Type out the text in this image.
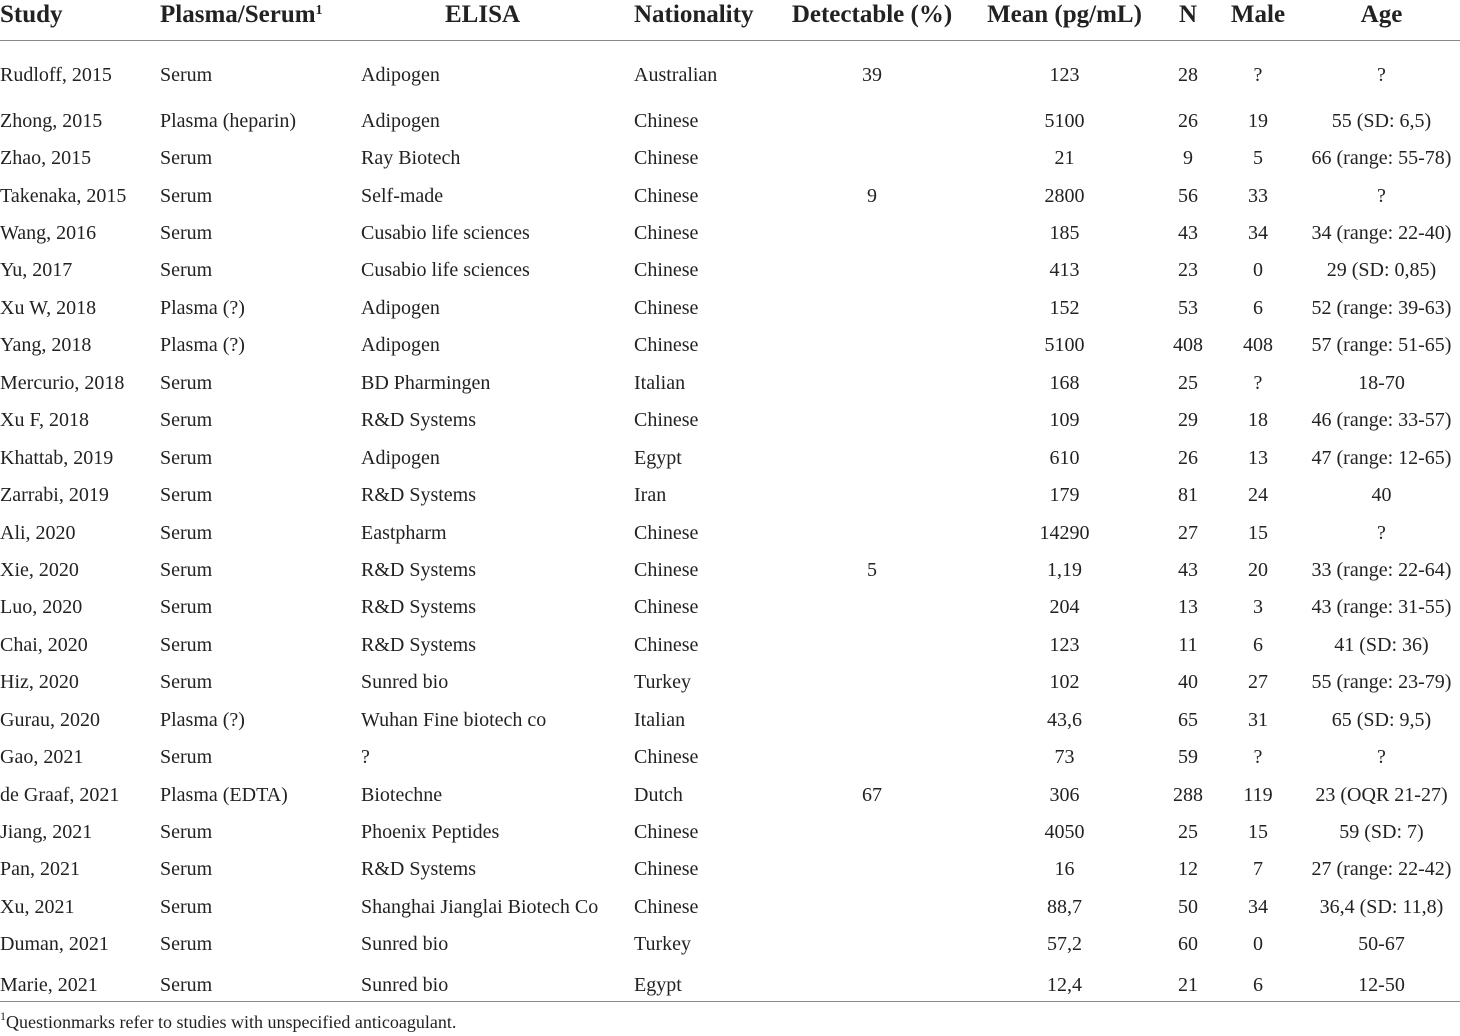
Study	Plasma/Serum$^1$	ELISA	Nationality	Detectable (%)	Mean (pg/mL)	N	Male	Age
Rudloff, 2015	Serum	Adipogen	Australian	39	123	28	?	?
Zhong, 2015	Plasma (heparin)	Adipogen	Chinese		5100	26	19	55 (SD: 6,5)
Zhao, 2015	Serum	Ray Biotech	Chinese		21	9	5	66 (range: 55-78)
Takenaka, 2015	Serum	Self-made	Chinese	9	2800	56	33	?
Wang, 2016	Serum	Cusabio life sciences	Chinese		185	43	34	34 (range: 22-40)
Yu, 2017	Serum	Cusabio life sciences	Chinese		413	23	0	29 (SD: 0,85)
Xu W, 2018	Plasma (?)	Adipogen	Chinese		152	53	6	52 (range: 39-63)
Yang, 2018	Plasma (?)	Adipogen	Chinese		5100	408	408	57 (range: 51-65)
Mercurio, 2018	Serum	BD Pharmingen	Italian		168	25	?	18-70
Xu F, 2018	Serum	R&D Systems	Chinese		109	29	18	46 (range: 33-57)
Khattab, 2019	Serum	Adipogen	Egypt		610	26	13	47 (range: 12-65)
Zarrabi, 2019	Serum	R&D Systems	Iran		179	81	24	40
Ali, 2020	Serum	Eastpharm	Chinese		14290	27	15	?
Xie, 2020	Serum	R&D Systems	Chinese	5	1,19	43	20	33 (range: 22-64)
Luo, 2020	Serum	R&D Systems	Chinese		204	13	3	43 (range: 31-55)
Chai, 2020	Serum	R&D Systems	Chinese		123	11	6	41 (SD: 36)
Hiz, 2020	Serum	Sunred bio	Turkey		102	40	27	55 (range: 23-79)
Gurau, 2020	Plasma (?)	Wuhan Fine biotech co	Italian		43,6	65	31	65 (SD: 9,5)
Gao, 2021	Serum	?	Chinese		73	59	?	?
de Graaf, 2021	Plasma (EDTA)	Biotechne	Dutch	67	306	288	119	23 (OQR 21-27)
Jiang, 2021	Serum	Phoenix Peptides	Chinese		4050	25	15	59 (SD: 7)
Pan, 2021	Serum	R&D Systems	Chinese		16	12	7	27 (range: 22-42)
Xu, 2021	Serum	Shanghai Jianglai Biotech Co	Chinese		88,7	50	34	36,4 (SD: 11,8)
Duman, 2021	Serum	Sunred bio	Turkey		57,2	60	0	50-67
Marie, 2021	Serum	Sunred bio	Egypt		12,4	21	6	12-50
$^1$Questionmarks refer to studies with unspecified anticoagulant.
